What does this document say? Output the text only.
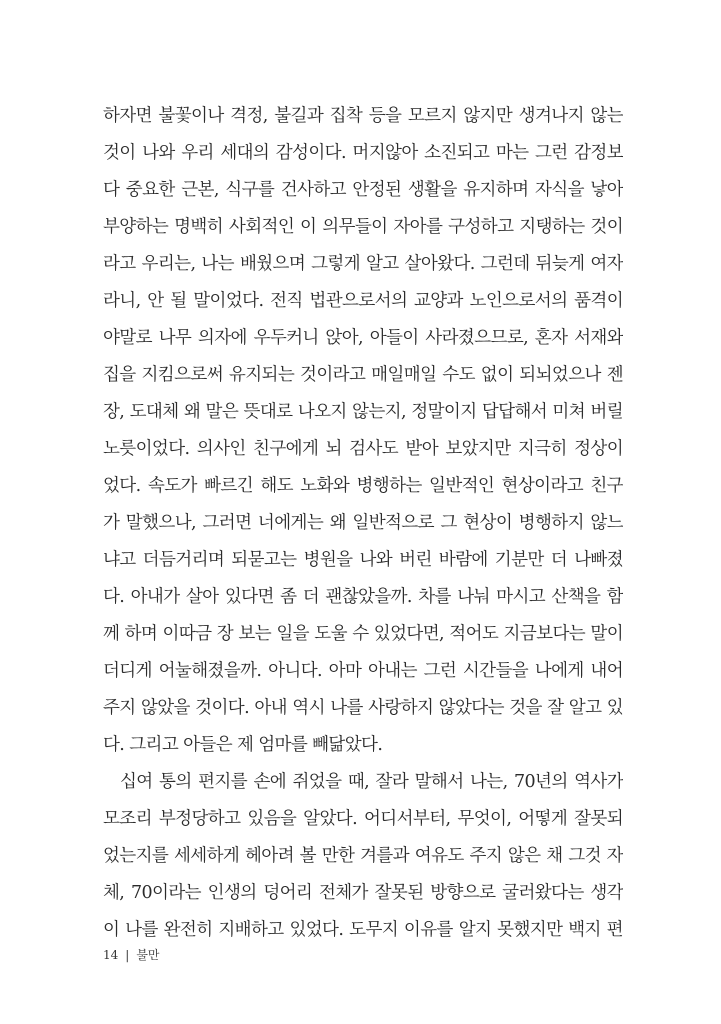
하자면 불꽃이나 격정, 불길과 집착 등을 모르지 않지만 생겨나지 않는
것이 나와 우리 세대의 감성이다. 머지않아 소진되고 마는 그런 감정보
다 중요한 근본, 식구를 건사하고 안정된 생활을 유지하며 자식을 낳아
부양하는 명백히 사회적인 이 의무들이 자아를 구성하고 지탱하는 것이
라고 우리는, 나는 배웠으며 그렇게 알고 살아왔다. 그런데 뒤늦게 여자
라니, 안 될 말이었다. 전직 법관으로서의 교양과 노인으로서의 품격이
야말로 나무 의자에 우두커니 앉아, 아들이 사라졌으므로, 혼자 서재와
집을 지킴으로써 유지되는 것이라고 매일매일 수도 없이 되뇌었으나 젠
장, 도대체 왜 말은 뜻대로 나오지 않는지, 정말이지 답답해서 미쳐 버릴
노릇이었다. 의사인 친구에게 뇌 검사도 받아 보았지만 지극히 정상이
었다. 속도가 빠르긴 해도 노화와 병행하는 일반적인 현상이라고 친구
가 말했으나, 그러면 너에게는 왜 일반적으로 그 현상이 병행하지 않느
냐고 더듬거리며 되묻고는 병원을 나와 버린 바람에 기분만 더 나빠졌
다. 아내가 살아 있다면 좀 더 괜찮았을까. 차를 나눠 마시고 산책을 함
께 하며 이따금 장 보는 일을 도울 수 있었다면, 적어도 지금보다는 말이
더디게 어눌해졌을까. 아니다. 아마 아내는 그런 시간들을 나에게 내어
주지 않았을 것이다. 아내 역시 나를 사랑하지 않았다는 것을 잘 알고 있
다. 그리고 아들은 제 엄마를 빼닮았다.
십여 통의 편지를 손에 쥐었을 때, 잘라 말해서 나는, 70년의 역사가
모조리 부정당하고 있음을 알았다. 어디서부터, 무엇이, 어떻게 잘못되
었는지를 세세하게 헤아려 볼 만한 겨를과 여유도 주지 않은 채 그것 자
체, 70이라는 인생의 덩어리 전체가 잘못된 방향으로 굴러왔다는 생각
이 나를 완전히 지배하고 있었다. 도무지 이유를 알지 못했지만 백지 편
14 | 불만
